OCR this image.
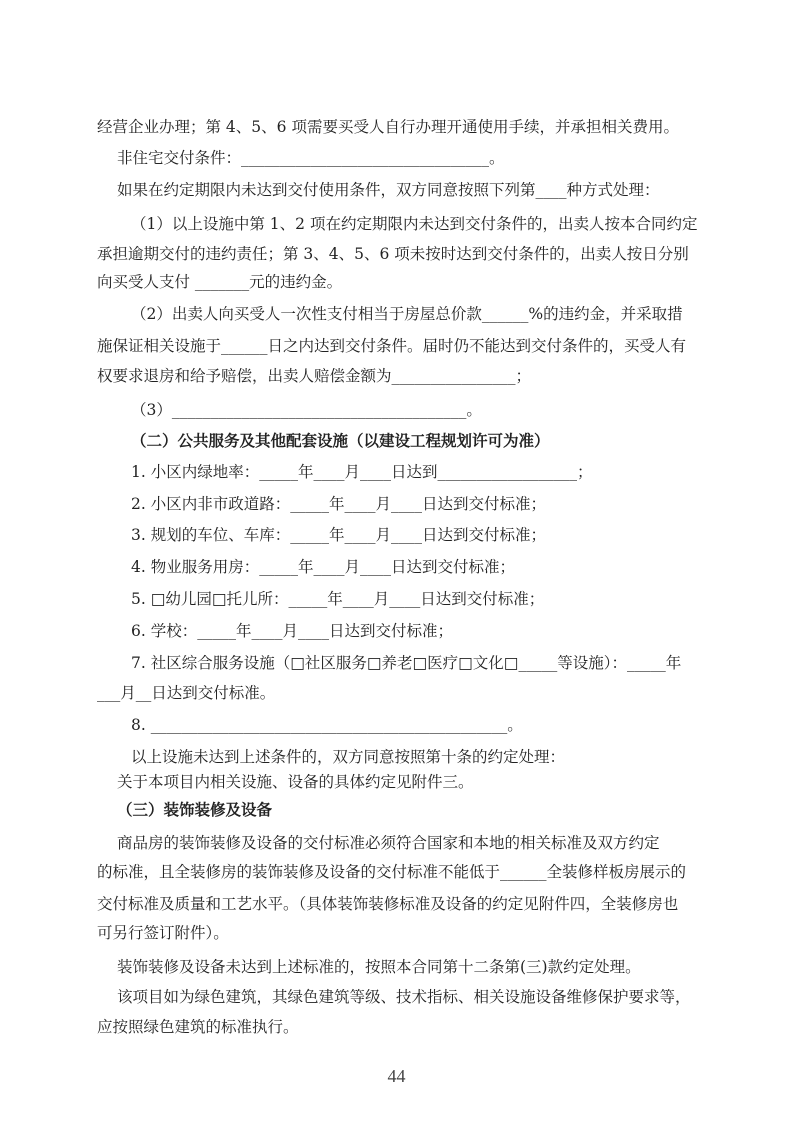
经营企业办理；第 4、5、6 项需要买受人自行办理开通使用手续，并承担相关费用。
非住宅交付条件：________________________________。
如果在约定期限内未达到交付使用条件，双方同意按照下列第____种方式处理：
（1）以上设施中第 1、2 项在约定期限内未达到交付条件的，出卖人按本合同约定
承担逾期交付的违约责任；第 3、4、5、6 项未按时达到交付条件的，出卖人按日分别
向买受人支付 _______元的违约金。
（2）出卖人向买受人一次性支付相当于房屋总价款______%的违约金，并采取措
施保证相关设施于______日之内达到交付条件。届时仍不能达到交付条件的，买受人有
权要求退房和给予赔偿，出卖人赔偿金额为________________；
（3）______________________________________。
（二）公共服务及其他配套设施（以建设工程规划许可为准）
1. 小区内绿地率：_____年____月____日达到__________________；
2. 小区内非市政道路：_____年____月____日达到交付标准；
3. 规划的车位、车库：_____年____月____日达到交付标准；
4. 物业服务用房：_____年____月____日达到交付标准；
5. □幼儿园□托儿所：_____年____月____日达到交付标准；
6. 学校：_____年____月____日达到交付标准；
7. 社区综合服务设施（□社区服务□养老□医疗□文化□_____等设施）：_____年
___月__日达到交付标准。
8. ______________________________________________。
以上设施未达到上述条件的，双方同意按照第十条的约定处理：
关于本项目内相关设施、设备的具体约定见附件三。
（三）装饰装修及设备
商品房的装饰装修及设备的交付标准必须符合国家和本地的相关标准及双方约定
的标准，且全装修房的装饰装修及设备的交付标准不能低于______全装修样板房展示的
交付标准及质量和工艺水平。（具体装饰装修标准及设备的约定见附件四，全装修房也
可另行签订附件）。
装饰装修及设备未达到上述标准的，按照本合同第十二条第(三)款约定处理。
该项目如为绿色建筑，其绿色建筑等级、技术指标、相关设施设备维修保护要求等，
应按照绿色建筑的标准执行。
44
